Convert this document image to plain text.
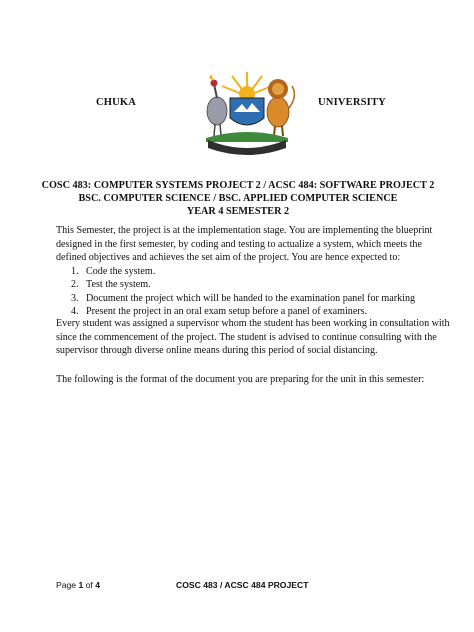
CHUKA	UNIVERSITY
COSC 483: COMPUTER SYSTEMS PROJECT 2 / ACSC 484: SOFTWARE PROJECT 2
BSC. COMPUTER SCIENCE / BSC. APPLIED COMPUTER SCIENCE
YEAR 4 SEMESTER 2
This Semester, the project is at the implementation stage. You are implementing the blueprint
designed in the first semester, by coding and testing to actualize a system, which meets the
defined objectives and achieves the set aim of the project. You are hence expected to:
1. Code the system.
2. Test the system.
3. Document the project which will be handed to the examination panel for marking
4. Present the project in an oral exam setup before a panel of examiners.
Every student was assigned a supervisor whom the student has been working in consultation with
since the commencement of the project. The student is advised to continue consulting with the
supervisor through diverse online means during this period of social distancing.
The following is the format of the document you are preparing for the unit in this semester:
Page 1 of 4	COSC 483 / ACSC 484 PROJECT
